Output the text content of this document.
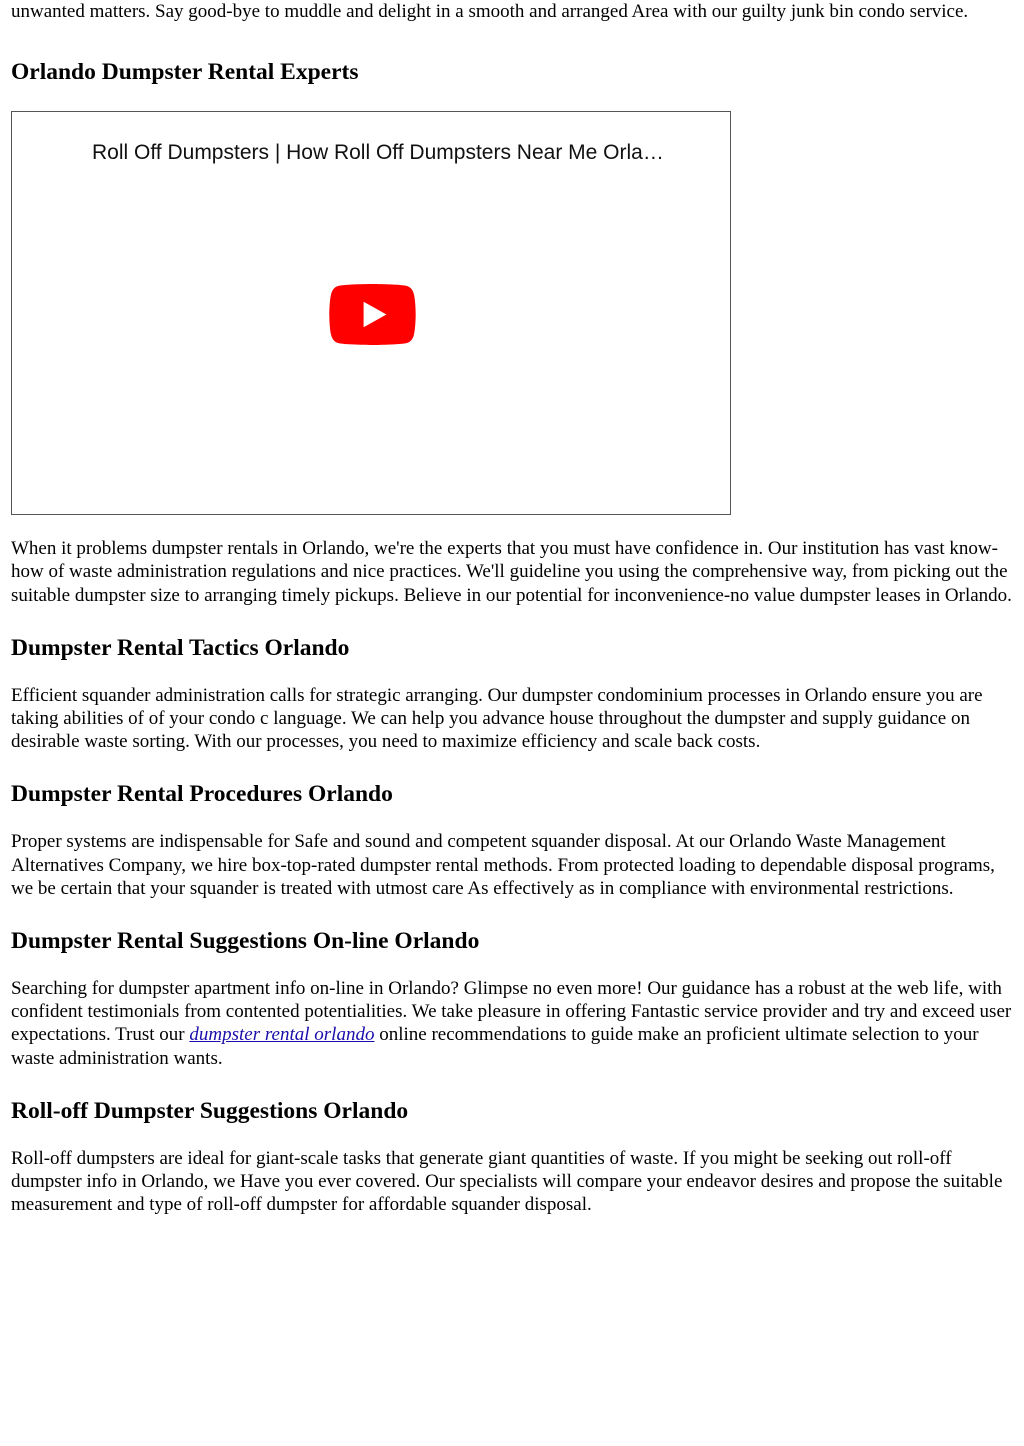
unwanted matters. Say good-bye to muddle and delight in a smooth and arranged Area with our guilty junk bin condo service.

Orlando Dumpster Rental Experts
Roll Off Dumpsters | How Roll Off Dumpsters Near Me Orla…

When it problems dumpster rentals in Orlando, we're the experts that you must have confidence in. Our institution has vast know-how of waste administration regulations and nice practices. We'll guideline you using the comprehensive way, from picking out the suitable dumpster size to arranging timely pickups. Believe in our potential for inconvenience-no value dumpster leases in Orlando.

Dumpster Rental Tactics Orlando

Efficient squander administration calls for strategic arranging. Our dumpster condominium processes in Orlando ensure you are taking abilities of of your condo c language. We can help you advance house throughout the dumpster and supply guidance on desirable waste sorting. With our processes, you need to maximize efficiency and scale back costs.

Dumpster Rental Procedures Orlando

Proper systems are indispensable for Safe and sound and competent squander disposal. At our Orlando Waste Management Alternatives Company, we hire box-top-rated dumpster rental methods. From protected loading to dependable disposal programs, we be certain that your squander is treated with utmost care As effectively as in compliance with environmental restrictions.

Dumpster Rental Suggestions On-line Orlando

Searching for dumpster apartment info on-line in Orlando? Glimpse no even more! Our guidance has a robust at the web life, with confident testimonials from contented potentialities. We take pleasure in offering Fantastic service provider and try and exceed user expectations. Trust our dumpster rental orlando online recommendations to guide make an proficient ultimate selection to your waste administration wants.

Roll-off Dumpster Suggestions Orlando

Roll-off dumpsters are ideal for giant-scale tasks that generate giant quantities of waste. If you might be seeking out roll-off dumpster info in Orlando, we Have you ever covered. Our specialists will compare your endeavor desires and propose the suitable measurement and type of roll-off dumpster for affordable squander disposal.
